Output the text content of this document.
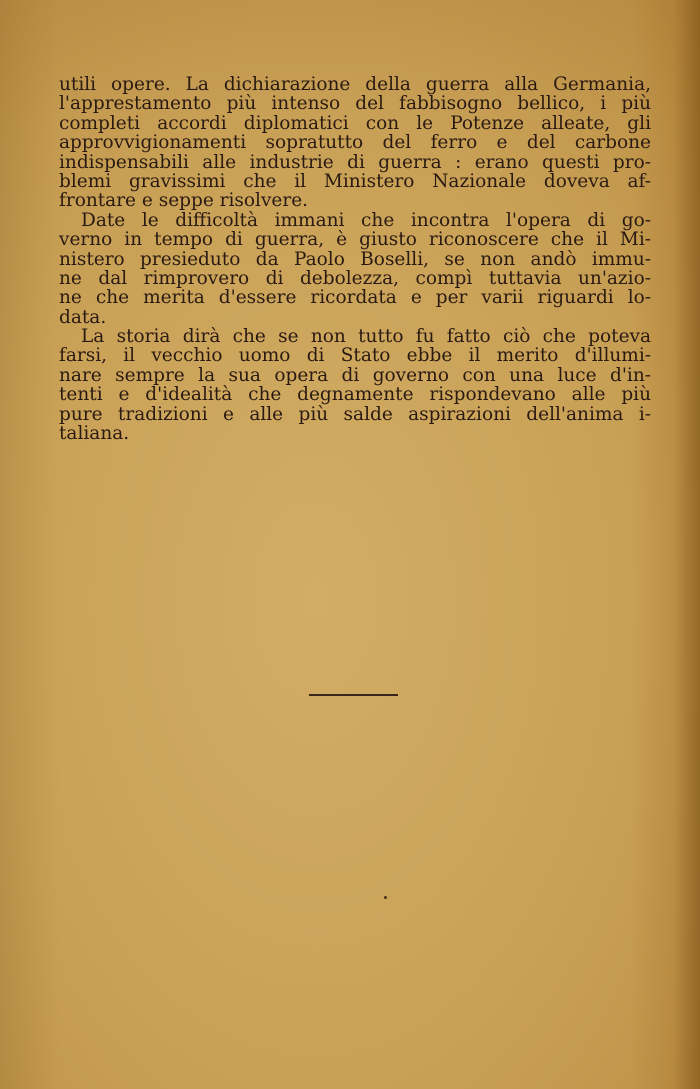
utili opere. La dichiarazione della guerra alla Germania,
l'apprestamento più intenso del fabbisogno bellico, i più
completi accordi diplomatici con le Potenze alleate, gli
approvvigionamenti sopratutto del ferro e del carbone
indispensabili alle industrie di guerra : erano questi pro-
blemi gravissimi che il Ministero Nazionale doveva af-
frontare e seppe risolvere.
Date le difficoltà immani che incontra l'opera di go-
verno in tempo di guerra, è giusto riconoscere che il Mi-
nistero presieduto da Paolo Boselli, se non andò immu-
ne dal rimprovero di debolezza, compì tuttavia un'azio-
ne che merita d'essere ricordata e per varii riguardi lo-
data.
La storia dirà che se non tutto fu fatto ciò che poteva
farsi, il vecchio uomo di Stato ebbe il merito d'illumi-
nare sempre la sua opera di governo con una luce d'in-
tenti e d'idealità che degnamente rispondevano alle più
pure tradizioni e alle più salde aspirazioni dell'anima i-
taliana.
